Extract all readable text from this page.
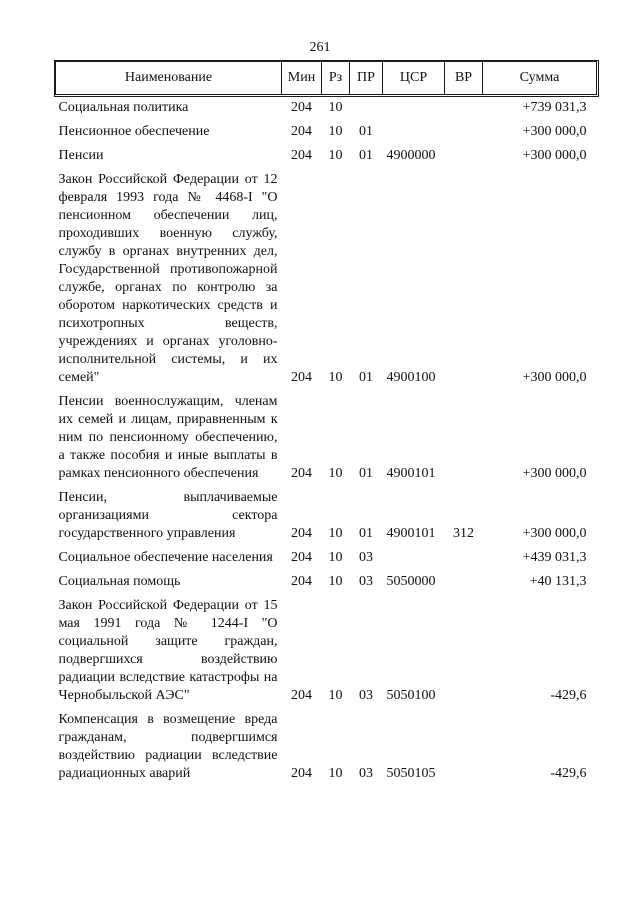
261
Наименование	Мин	Рз	ПР	ЦСР	ВР	Сумма
Социальная политика	204	10				+739 031,3
Пенсионное обеспечение	204	10	01			+300 000,0
Пенсии	204	10	01	4900000		+300 000,0
Закон Российской Федерации от 12 февраля 1993 года № 4468-I "О пенсионном обеспечении лиц, проходивших военную службу, службу в органах внутренних дел, Государственной противопожарной службе, органах по контролю за оборотом наркотических средств и психотропных веществ, учреждениях и органах уголовно-исполнительной системы, и их семей"	204	10	01	4900100		+300 000,0
Пенсии военнослужащим, членам их семей и лицам, приравненным к ним по пенсионному обеспечению, а также пособия и иные выплаты в рамках пенсионного обеспечения	204	10	01	4900101		+300 000,0
Пенсии, выплачиваемые организациями сектора государственного управления	204	10	01	4900101	312	+300 000,0
Социальное обеспечение населения	204	10	03			+439 031,3
Социальная помощь	204	10	03	5050000		+40 131,3
Закон Российской Федерации от 15 мая 1991 года № 1244-I "О социальной защите граждан, подвергшихся воздействию радиации вследствие катастрофы на Чернобыльской АЭС"	204	10	03	5050100		-429,6
Компенсация в возмещение вреда гражданам, подвергшимся воздействию радиации вследствие радиационных аварий	204	10	03	5050105		-429,6
